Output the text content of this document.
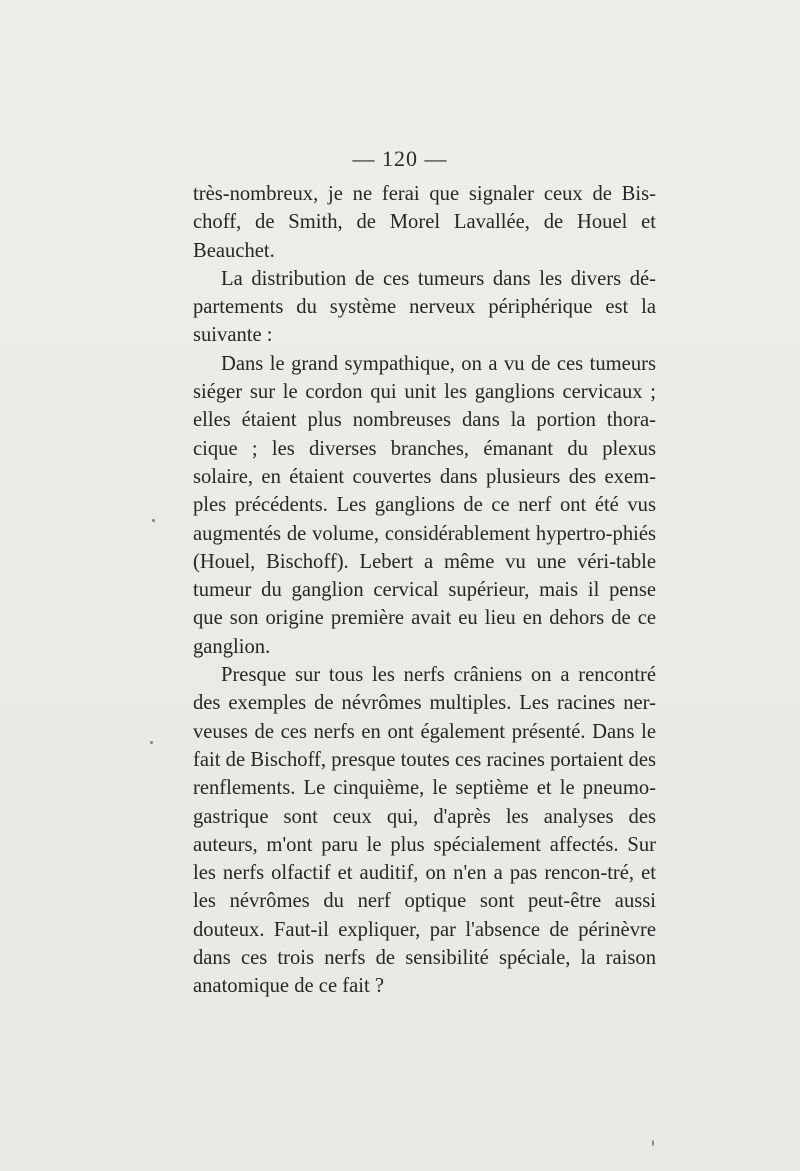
— 120 —

très-nombreux, je ne ferai que signaler ceux de Bis-choff, de Smith, de Morel Lavallée, de Houel et Beauchet.

La distribution de ces tumeurs dans les divers dé-partements du système nerveux périphérique est la suivante :

Dans le grand sympathique, on a vu de ces tumeurs siéger sur le cordon qui unit les ganglions cervicaux ; elles étaient plus nombreuses dans la portion thora-cique ; les diverses branches, émanant du plexus solaire, en étaient couvertes dans plusieurs des exem-ples précédents. Les ganglions de ce nerf ont été vus augmentés de volume, considérablement hypertro-phiés (Houel, Bischoff). Lebert a même vu une véri-table tumeur du ganglion cervical supérieur, mais il pense que son origine première avait eu lieu en dehors de ce ganglion.

Presque sur tous les nerfs crâniens on a rencontré des exemples de névrômes multiples. Les racines ner-veuses de ces nerfs en ont également présenté. Dans le fait de Bischoff, presque toutes ces racines portaient des renflements. Le cinquième, le septième et le pneumo-gastrique sont ceux qui, d'après les analyses des auteurs, m'ont paru le plus spécialement affectés. Sur les nerfs olfactif et auditif, on n'en a pas rencon-tré, et les névrômes du nerf optique sont peut-être aussi douteux. Faut-il expliquer, par l'absence de périnèvre dans ces trois nerfs de sensibilité spéciale, la raison anatomique de ce fait ?
